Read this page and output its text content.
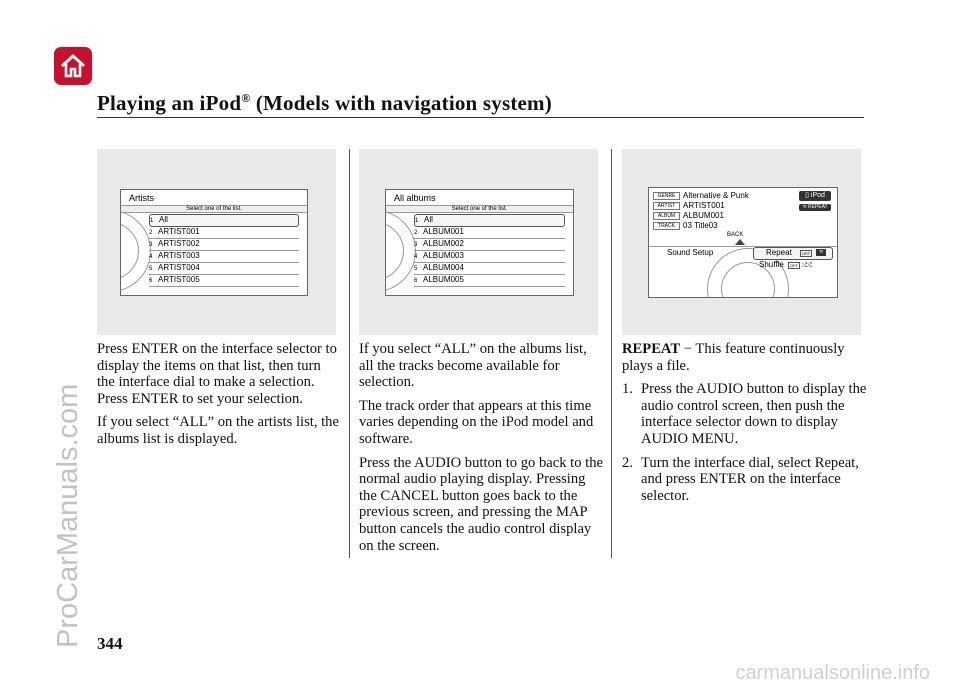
Playing an iPod® (Models with navigation system)
Artists
Select one of the list.
1 All
2 ARTIST001
3 ARTIST002
4 ARTIST003
5 ARTIST004
6 ARTIST005
All albums
Select one of the list.
1 All
2 ALBUM001
3 ALBUM002
4 ALBUM003
5 ALBUM004
6 ALBUM005
GENRE Alternative & Punk
ARTIST ARTIST001
ALBUM ALBUM001
TRACK 03 Title03
▯ iPod
⟲ REPEAT
BACK
Sound Setup	Repeat	OFF	⟲
Shuffle OFF ⤮⤮

Press ENTER on the interface selector to display the items on that list, then turn the interface dial to make a selection. Press ENTER to set your selection.

If you select “ALL” on the artists list, the albums list is displayed.

If you select “ALL” on the albums list, all the tracks become available for selection.

The track order that appears at this time varies depending on the iPod model and software.

Press the AUDIO button to go back to the normal audio playing display. Pressing the CANCEL button goes back to the previous screen, and pressing the MAP button cancels the audio control display on the screen.

REPEAT − This feature continuously plays a file.

1. Press the AUDIO button to display the audio control screen, then push the interface selector down to display AUDIO MENU.
2. Turn the interface dial, select Repeat, and press ENTER on the interface selector.
344
ProCarManuals.com
carmanualsonline.info
